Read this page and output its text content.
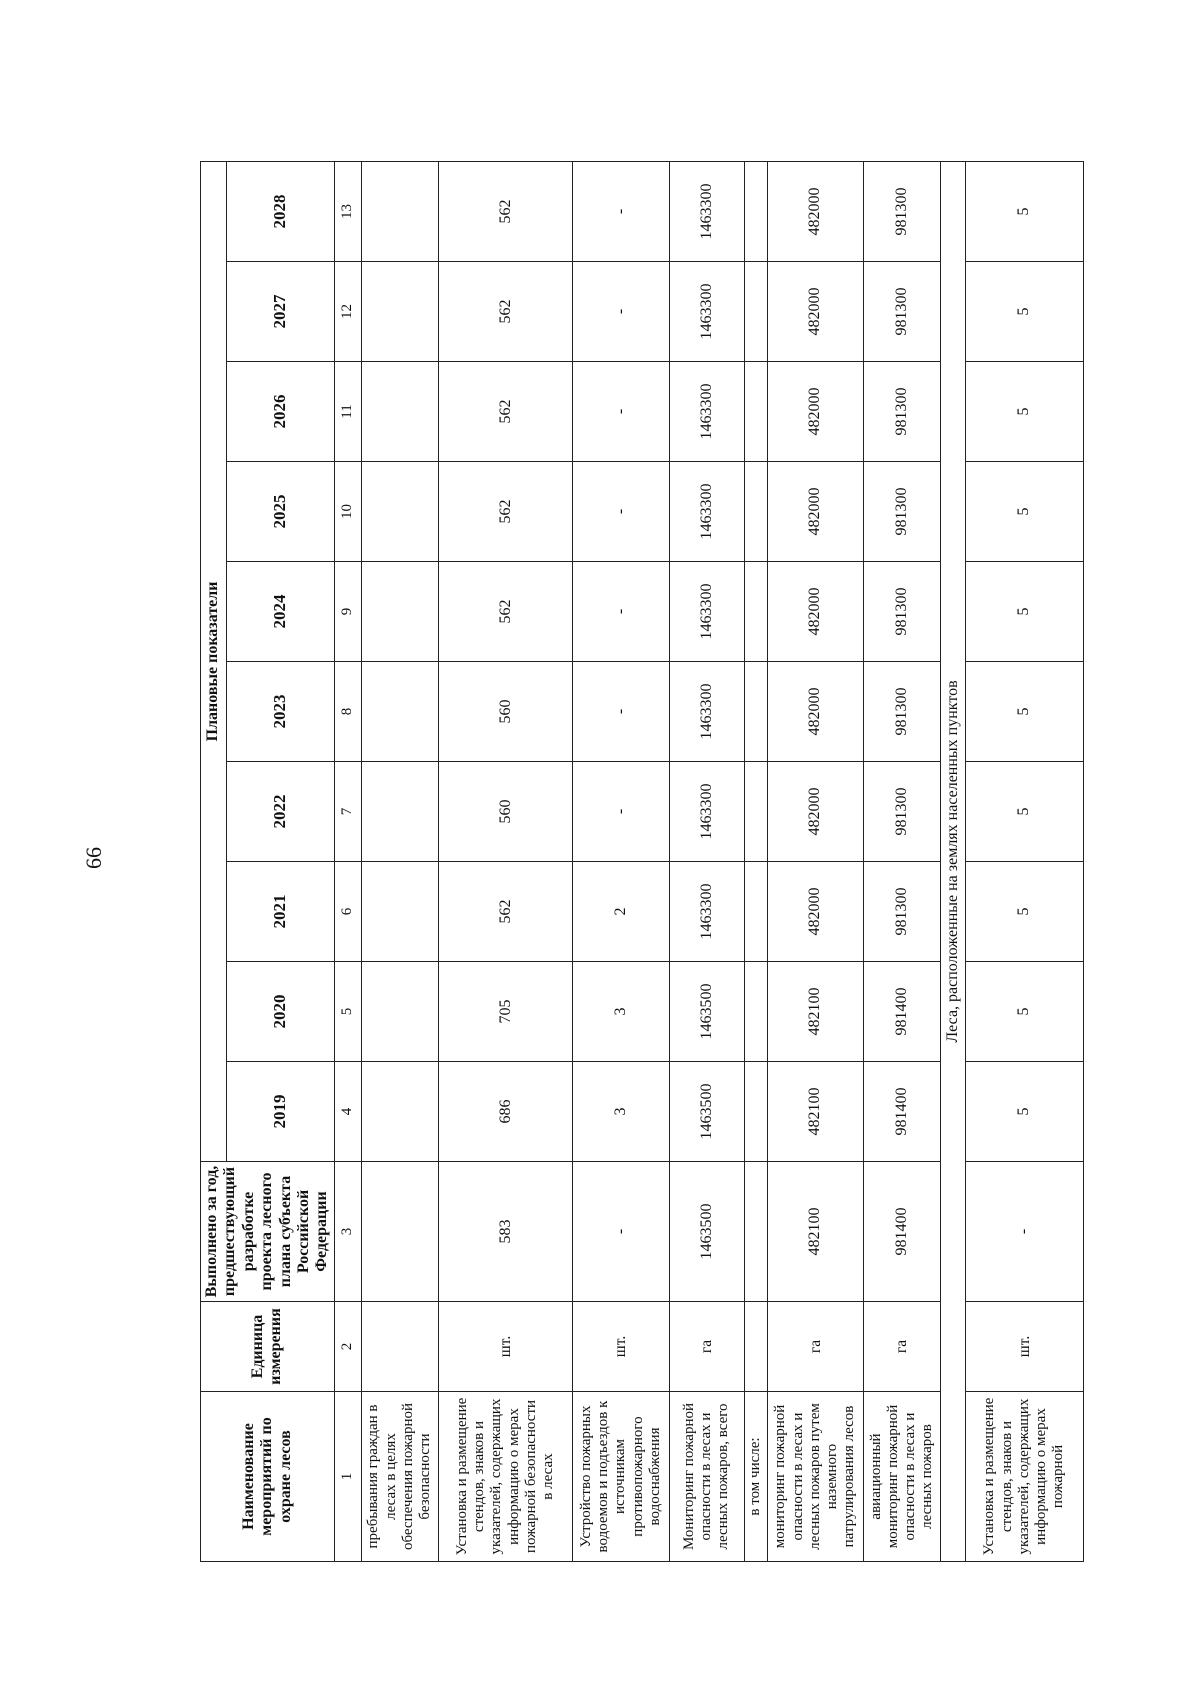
66
Наименование мероприятий по охране лесов	Единица измерения	Выполнено за год, предшествующий разработке проекта лесного плана субъекта Российской Федерации	Плановые показатели									
			2019	2020	2021	2022	2023	2024	2025	2026	2027	2028
1	2	3	4	5	6	7	8	9	10	11	12	13
пребывания граждан в лесах в целях обеспечения пожарной безопасности												
Установка и размещение стендов, знаков и указателей, содержащих информацию о мерах пожарной безопасности в лесах	шт.	583	686	705	562	560	560	562	562	562	562	562
Устройство пожарных водоемов и подъездов к источникам противопожарного водоснабжения	шт.	-	3	3	2	-	-	-	-	-	-	-
Мониторинг пожарной опасности в лесах и лесных пожаров, всего	га	1463500	1463500	1463500	1463300	1463300	1463300	1463300	1463300	1463300	1463300	1463300
в том числе:												
мониторинг пожарной опасности в лесах и лесных пожаров путем наземного патрулирования лесов	га	482100	482100	482100	482000	482000	482000	482000	482000	482000	482000	482000
авиационный мониторинг пожарной опасности в лесах и лесных пожаров	га	981400	981400	981400	981300	981300	981300	981300	981300	981300	981300	981300
Леса, расположенные на землях населенных пунктов												
Установка и размещение стендов, знаков и указателей, содержащих информацию о мерах пожарной	шт.	-	5	5	5	5	5	5	5	5	5	5
